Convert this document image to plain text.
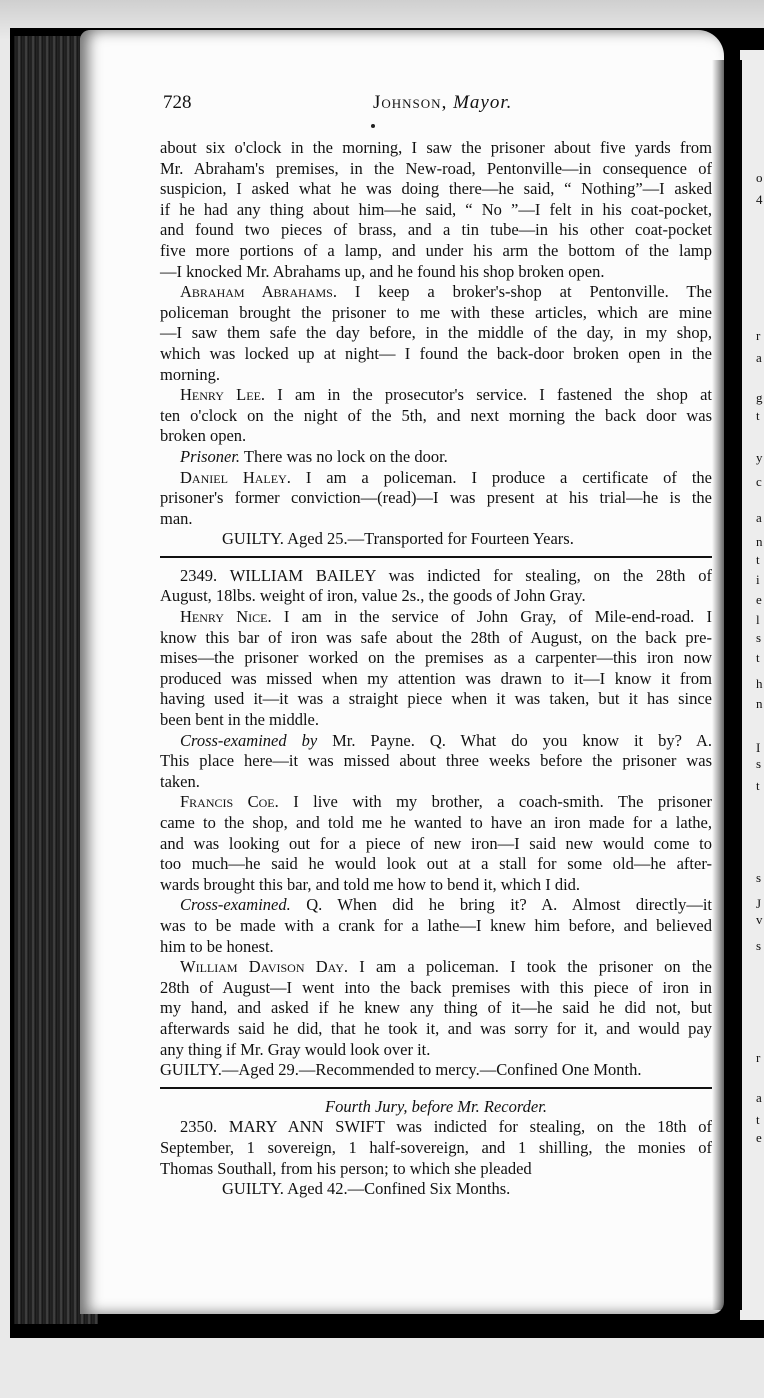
o
4
r
a
g
t
y
c
a
n
t
i
e
l
s
t
h
n
I
s
t
s
J
v
s
r
a
t
e
728	Johnson, Mayor.
about six o'clock in the morning, I saw the prisoner about five yards from
Mr. Abraham's premises, in the New-road, Pentonville—in consequence of
suspicion, I asked what he was doing there—he said, “ Nothing”—I asked
if he had any thing about him—he said, “ No ”—I felt in his coat-pocket,
and found two pieces of brass, and a tin tube—in his other coat-pocket
five more portions of a lamp, and under his arm the bottom of the lamp
—I knocked Mr. Abrahams up, and he found his shop broken open.
Abraham Abrahams. I keep a broker's-shop at Pentonville. The
policeman brought the prisoner to me with these articles, which are mine
—I saw them safe the day before, in the middle of the day, in my shop,
which was locked up at night— I found the back-door broken open in the
morning.
Henry Lee. I am in the prosecutor's service. I fastened the shop at
ten o'clock on the night of the 5th, and next morning the back door was
broken open.
Prisoner. There was no lock on the door.
Daniel Haley. I am a policeman. I produce a certificate of the
prisoner's former conviction—(read)—I was present at his trial—he is the
man.
GUILTY. Aged 25.—Transported for Fourteen Years.
2349. WILLIAM BAILEY was indicted for stealing, on the 28th of
August, 18lbs. weight of iron, value 2s., the goods of John Gray.
Henry Nice. I am in the service of John Gray, of Mile-end-road. I
know this bar of iron was safe about the 28th of August, on the back pre-
mises—the prisoner worked on the premises as a carpenter—this iron now
produced was missed when my attention was drawn to it—I know it from
having used it—it was a straight piece when it was taken, but it has since
been bent in the middle.
Cross-examined by Mr. Payne. Q. What do you know it by? A.
This place here—it was missed about three weeks before the prisoner was
taken.
Francis Coe. I live with my brother, a coach-smith. The prisoner
came to the shop, and told me he wanted to have an iron made for a lathe,
and was looking out for a piece of new iron—I said new would come to
too much—he said he would look out at a stall for some old—he after-
wards brought this bar, and told me how to bend it, which I did.
Cross-examined. Q. When did he bring it? A. Almost directly—it
was to be made with a crank for a lathe—I knew him before, and believed
him to be honest.
William Davison Day. I am a policeman. I took the prisoner on the
28th of August—I went into the back premises with this piece of iron in
my hand, and asked if he knew any thing of it—he said he did not, but
afterwards said he did, that he took it, and was sorry for it, and would pay
any thing if Mr. Gray would look over it.
GUILTY.—Aged 29.—Recommended to mercy.—Confined One Month.
Fourth Jury, before Mr. Recorder.
2350. MARY ANN SWIFT was indicted for stealing, on the 18th of
September, 1 sovereign, 1 half-sovereign, and 1 shilling, the monies of
Thomas Southall, from his person; to which she pleaded
GUILTY. Aged 42.—Confined Six Months.
